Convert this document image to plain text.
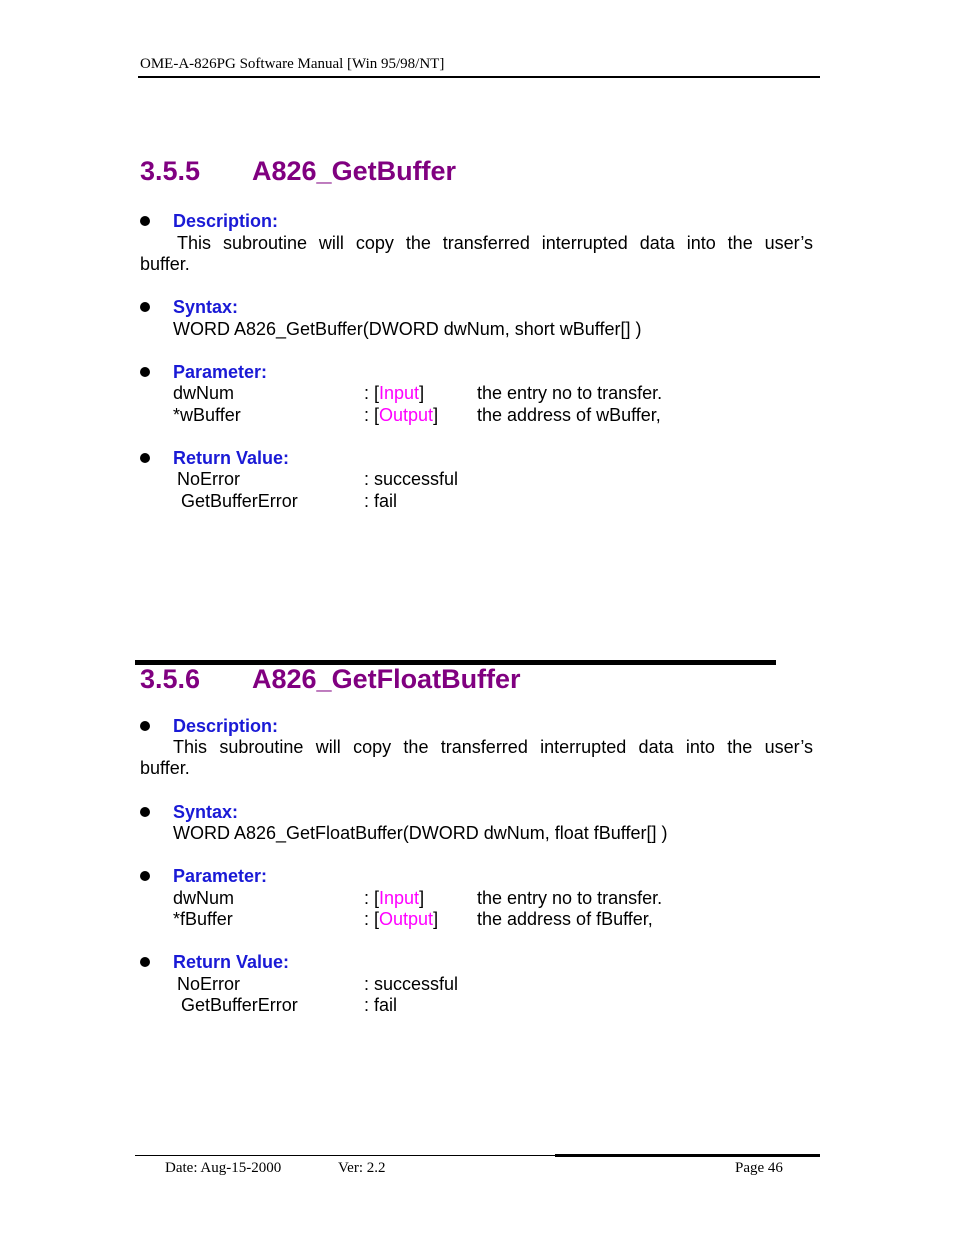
OME-A-826PG Software Manual [Win 95/98/NT]
3.5.5 A826_GetBuffer
Description:
This subroutine will copy the transferred interrupted data into the user’s
buffer.
Syntax:
WORD A826_GetBuffer(DWORD dwNum, short wBuffer[] )
Parameter:
dwNum	: [Input]	the entry no to transfer.
*wBuffer	: [Output] the address of wBuffer,
Return Value:
NoError	: successful
GetBufferError	: fail
3.5.6 A826_GetFloatBuffer
Description:
This subroutine will copy the transferred interrupted data into the user’s
buffer.
Syntax:
WORD A826_GetFloatBuffer(DWORD dwNum, float fBuffer[] )
Parameter:
dwNum	: [Input]	the entry no to transfer.
*fBuffer	: [Output] the address of fBuffer,
Return Value:
NoError	: successful
GetBufferError	: fail
Date: Aug-15-2000	Ver: 2.2	Page 46
